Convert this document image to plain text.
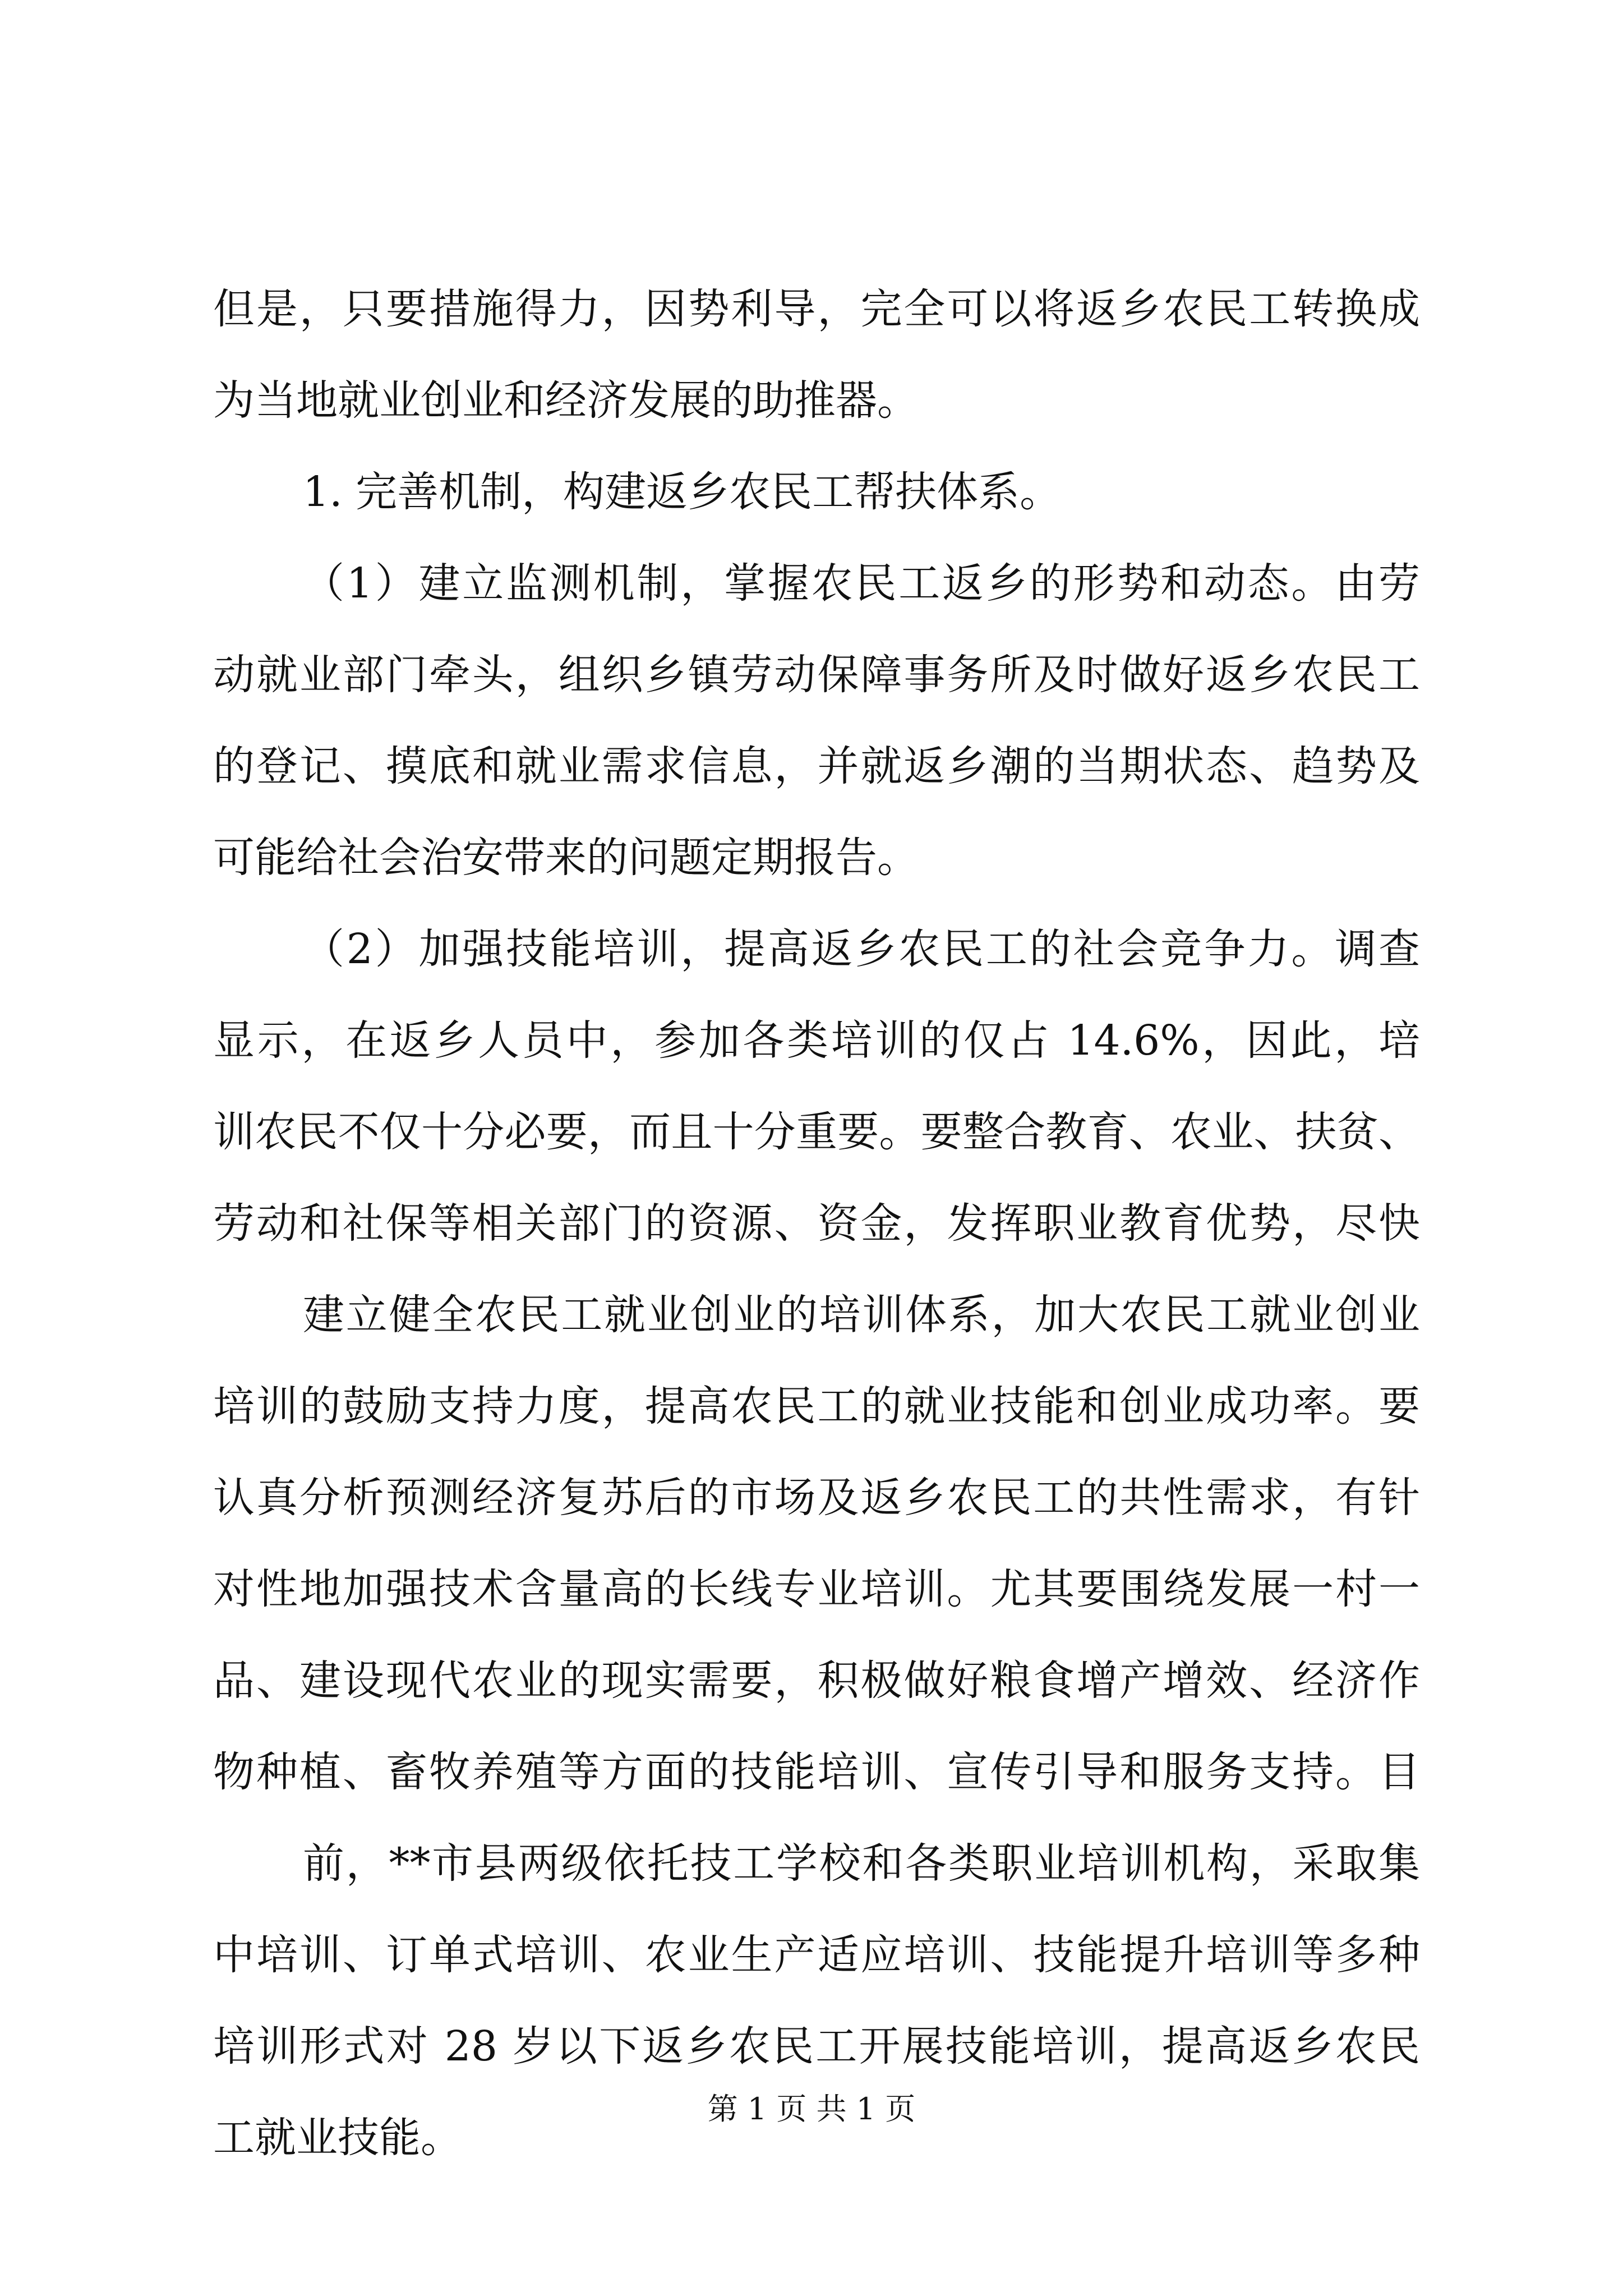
但是，只要措施得力，因势利导，完全可以将返乡农民工转换成
为当地就业创业和经济发展的助推器。
1. 完善机制，构建返乡农民工帮扶体系。
（1）建立监测机制，掌握农民工返乡的形势和动态。由劳
动就业部门牵头，组织乡镇劳动保障事务所及时做好返乡农民工
的登记、摸底和就业需求信息，并就返乡潮的当期状态、趋势及
可能给社会治安带来的问题定期报告。
（2）加强技能培训，提高返乡农民工的社会竞争力。调查
显示，在返乡人员中，参加各类培训的仅占 14.6%，因此，培
训农民不仅十分必要，而且十分重要。要整合教育、农业、扶贫、
劳动和社保等相关部门的资源、资金，发挥职业教育优势，尽快
建立健全农民工就业创业的培训体系，加大农民工就业创业
培训的鼓励支持力度，提高农民工的就业技能和创业成功率。要
认真分析预测经济复苏后的市场及返乡农民工的共性需求，有针
对性地加强技术含量高的长线专业培训。尤其要围绕发展一村一
品、建设现代农业的现实需要，积极做好粮食增产增效、经济作
物种植、畜牧养殖等方面的技能培训、宣传引导和服务支持。目
前，**市县两级依托技工学校和各类职业培训机构，采取集
中培训、订单式培训、农业生产适应培训、技能提升培训等多种
培训形式对 28 岁以下返乡农民工开展技能培训，提高返乡农民
工就业技能。
第 1 页 共 1 页
